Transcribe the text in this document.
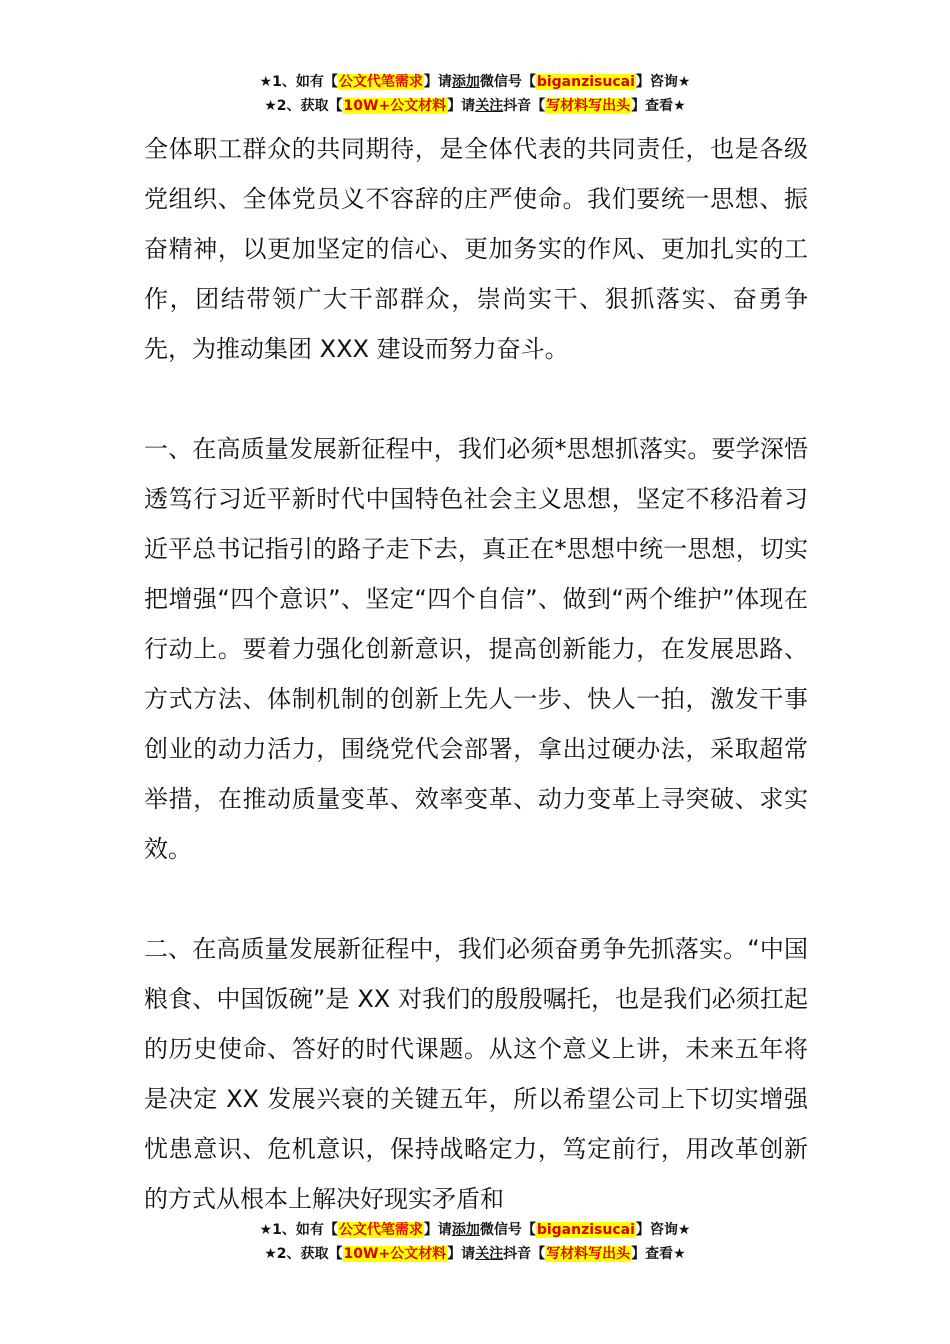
★1、如有【公文代笔需求】请添加微信号【biganzisucai】咨询★
★2、获取【10W+公文材料】请关注抖音【写材料写出头】查看★

全体职工群众的共同期待，是全体代表的共同责任，也是各级党组织、全体党员义不容辞的庄严使命。我们要统一思想、振奋精神，以更加坚定的信心、更加务实的作风、更加扎实的工作，团结带领广大干部群众，崇尚实干、狠抓落实、奋勇争先，为推动集团 XXX 建设而努力奋斗。

一、在高质量发展新征程中，我们必须*思想抓落实。要学深悟透笃行习近平新时代中国特色社会主义思想，坚定不移沿着习近平总书记指引的路子走下去，真正在*思想中统一思想，切实把增强“四个意识”、坚定“四个自信”、做到“两个维护”体现在行动上。要着力强化创新意识，提高创新能力，在发展思路、方式方法、体制机制的创新上先人一步、快人一拍，激发干事创业的动力活力，围绕党代会部署，拿出过硬办法，采取超常举措，在推动质量变革、效率变革、动力变革上寻突破、求实效。

二、在高质量发展新征程中，我们必须奋勇争先抓落实。“中国粮食、中国饭碗”是 XX 对我们的殷殷嘱托，也是我们必须扛起的历史使命、答好的时代课题。从这个意义上讲，未来五年将是决定 XX 发展兴衰的关键五年，所以希望公司上下切实增强忧患意识、危机意识，保持战略定力，笃定前行，用改革创新的方式从根本上解决好现实矛盾和

★1、如有【公文代笔需求】请添加微信号【biganzisucai】咨询★
★2、获取【10W+公文材料】请关注抖音【写材料写出头】查看★
